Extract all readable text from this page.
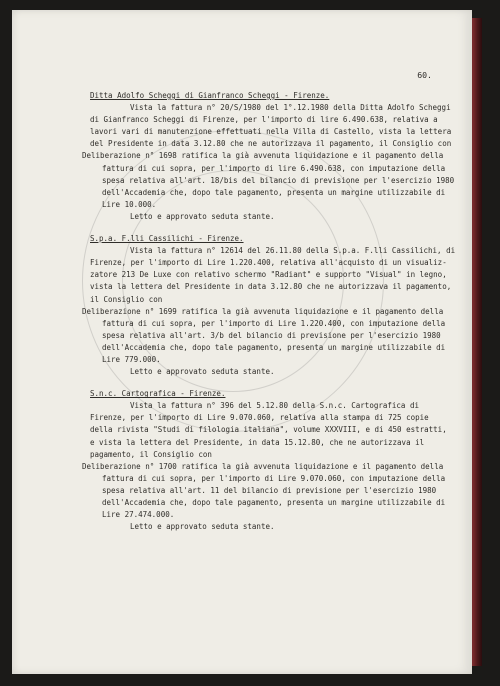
60.
Ditta Adolfo Scheggi di Gianfranco Scheggi - Firenze.
Vista la fattura n° 20/S/1980 del 1°.12.1980 della Ditta Adolfo Scheggi
di Gianfranco Scheggi di Firenze, per l'importo di lire 6.490.638, relativa a
lavori vari di manutenzione effettuati nella Villa di Castello, vista la lettera
del Presidente in data 3.12.80 che ne autorizzava il pagamento, il Consiglio con
Deliberazione n° 1698 ratifica la già avvenuta liquidazione e il pagamento della
fattura di cui sopra, per l'importo di lire 6.490.638, con imputazione della
spesa relativa all'art. 18/bis del bilancio di previsione per l'esercizio 1980
dell'Accademia che, dopo tale pagamento, presenta un margine utilizzabile di
Lire 10.000.
Letto e approvato seduta stante.
S.p.a. F.lli Cassilichi - Firenze.
Vista la fattura n° 12614 del 26.11.80 della S.p.a. F.lli Cassilichi, di
Firenze, per l'importo di Lire 1.220.400, relativa all'acquisto di un visualiz-
zatore 213 De Luxe con relativo schermo "Radiant" e supporto "Visual" in legno,
vista la lettera del Presidente in data 3.12.80 che ne autorizzava il pagamento,
il Consiglio con
Deliberazione n° 1699 ratifica la già avvenuta liquidazione e il pagamento della
fattura di cui sopra, per l'importo di Lire 1.220.400, con imputazione della
spesa relativa all'art. 3/b del bilancio di previsione per l'esercizio 1980
dell'Accademia che, dopo tale pagamento, presenta un margine utilizzabile di
Lire 779.000.
Letto e approvato seduta stante.
S.n.c. Cartografica - Firenze.
Vista la fattura n° 396 del 5.12.80 della S.n.c. Cartografica di
Firenze, per l'importo di Lire 9.070.060, relativa alla stampa di 725 copie
della rivista "Studi di filologia italiana", volume XXXVIII, e di 450 estratti,
e vista la lettera del Presidente, in data 15.12.80, che ne autorizzava il
pagamento, il Consiglio con
Deliberazione n° 1700 ratifica la già avvenuta liquidazione e il pagamento della
fattura di cui sopra, per l'importo di Lire 9.070.060, con imputazione della
spesa relativa all'art. 11 del bilancio di previsione per l'esercizio 1980
dell'Accademia che, dopo tale pagamento, presenta un margine utilizzabile di
Lire 27.474.000.
Letto e approvato seduta stante.
